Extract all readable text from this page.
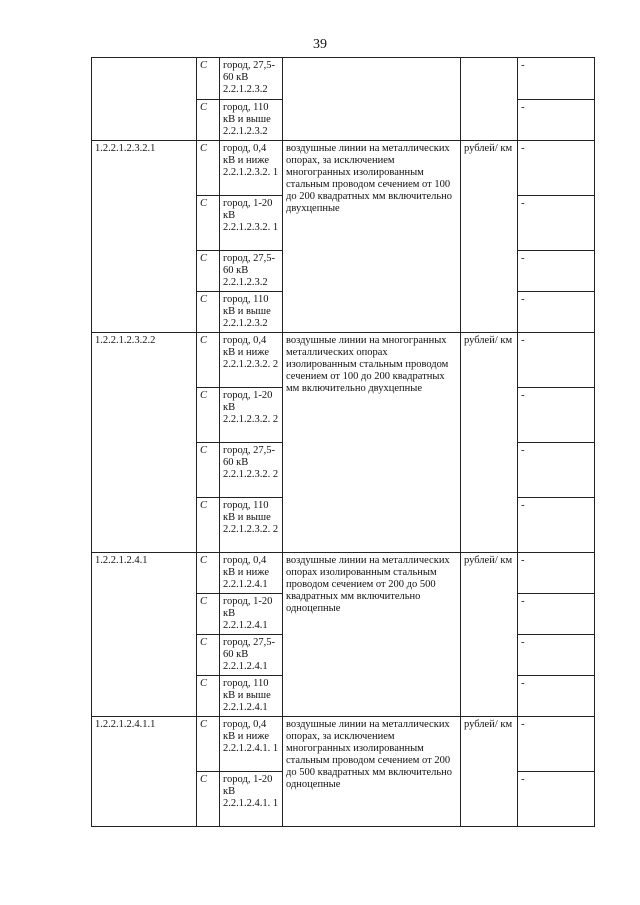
39
	С	город, 27,5-60 кВ 2.2.1.2.3.2			-
	С	город, 110 кВ и выше 2.2.1.2.3.2			-
1.2.2.1.2.3.2.1	С	город, 0,4 кВ и ниже 2.2.1.2.3.2. 1	воздушные линии на металлических опорах, за исключением многогранных изолированным стальным проводом сечением от 100 до 200 квадратных мм включительно двухцепные	рублей/ км	-
	С	город, 1-20 кВ 2.2.1.2.3.2. 1			-
	С	город, 27,5-60 кВ 2.2.1.2.3.2			-
	С	город, 110 кВ и выше 2.2.1.2.3.2			-
1.2.2.1.2.3.2.2	С	город, 0,4 кВ и ниже 2.2.1.2.3.2. 2	воздушные линии на многогранных металлических опорах изолированным стальным проводом сечением от 100 до 200 квадратных мм включительно двухцепные	рублей/ км	-
	С	город, 1-20 кВ 2.2.1.2.3.2. 2			-
	С	город, 27,5-60 кВ 2.2.1.2.3.2. 2			-
	С	город, 110 кВ и выше 2.2.1.2.3.2. 2			-
1.2.2.1.2.4.1	С	город, 0,4 кВ и ниже 2.2.1.2.4.1	воздушные линии на металлических опорах изолированным стальным проводом сечением от 200 до 500 квадратных мм включительно одноцепные	рублей/ км	-
	С	город, 1-20 кВ 2.2.1.2.4.1			-
	С	город, 27,5-60 кВ 2.2.1.2.4.1			-
	С	город, 110 кВ и выше 2.2.1.2.4.1			-
1.2.2.1.2.4.1.1	С	город, 0,4 кВ и ниже 2.2.1.2.4.1. 1	воздушные линии на металлических опорах, за исключением многогранных изолированным стальным проводом сечением от 200 до 500 квадратных мм включительно одноцепные	рублей/ км	-
	С	город, 1-20 кВ 2.2.1.2.4.1. 1			-
